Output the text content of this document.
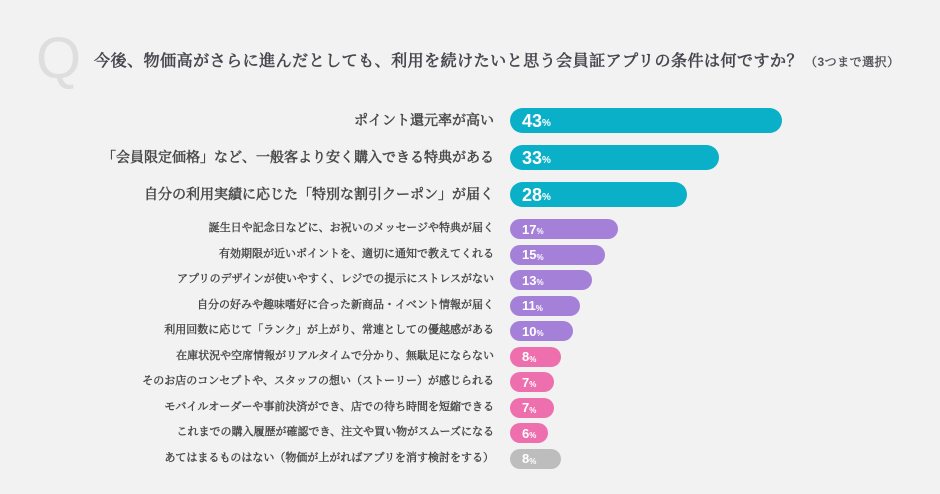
Q 今後、物価高がさらに進んだとしても、利用を続けたいと思う会員証アプリの条件は何ですか？ （3つまで選択）
ポイント還元率が高い	43 %
「会員限定価格」など、一般客より安く購入できる特典がある	33 %
自分の利用実績に応じた「特別な割引クーポン」が届く	28 %
誕生日や記念日などに、お祝いのメッセージや特典が届く	17 %
有効期限が近いポイントを、適切に通知で教えてくれる	15 %
アプリのデザインが使いやすく、レジでの提示にストレスがない	13 %
自分の好みや趣味嗜好に合った新商品・イベント情報が届く	11 %
利用回数に応じて「ランク」が上がり、常連としての優越感がある	10 %
在庫状況や空席情報がリアルタイムで分かり、無駄足にならない	8 %
そのお店のコンセプトや、スタッフの想い（ストーリー）が感じられる	7 %
モバイルオーダーや事前決済ができ、店での待ち時間を短縮できる	7 %
これまでの購入履歴が確認でき、注文や買い物がスムーズになる	6 %
あてはまるものはない（物価が上がればアプリを消す検討をする）	8 %
